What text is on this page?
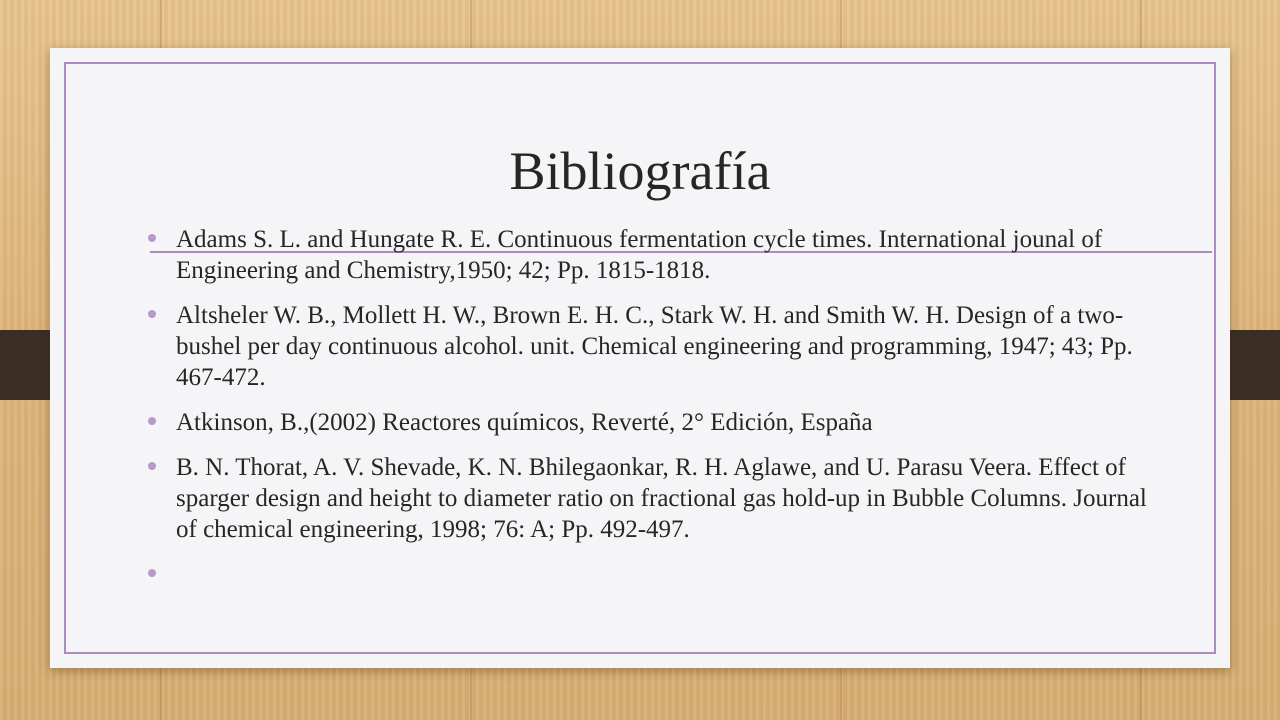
Bibliografía
Adams S. L. and Hungate R. E. Continuous fermentation cycle times. International jounal of Engineering and Chemistry,1950; 42; Pp. 1815-1818.
Altsheler W. B., Mollett H. W., Brown E. H. C., Stark W. H. and Smith W. H. Design of a two-bushel per day continuous alcohol. unit. Chemical engineering and programming, 1947; 43; Pp. 467-472.
Atkinson, B.,(2002) Reactores químicos, Reverté, 2° Edición, España
B. N. Thorat, A. V. Shevade, K. N. Bhilegaonkar, R. H. Aglawe, and U. Parasu Veera. Effect of sparger design and height to diameter ratio on fractional gas hold-up in Bubble Columns. Journal of chemical engineering, 1998; 76: A; Pp. 492-497.
